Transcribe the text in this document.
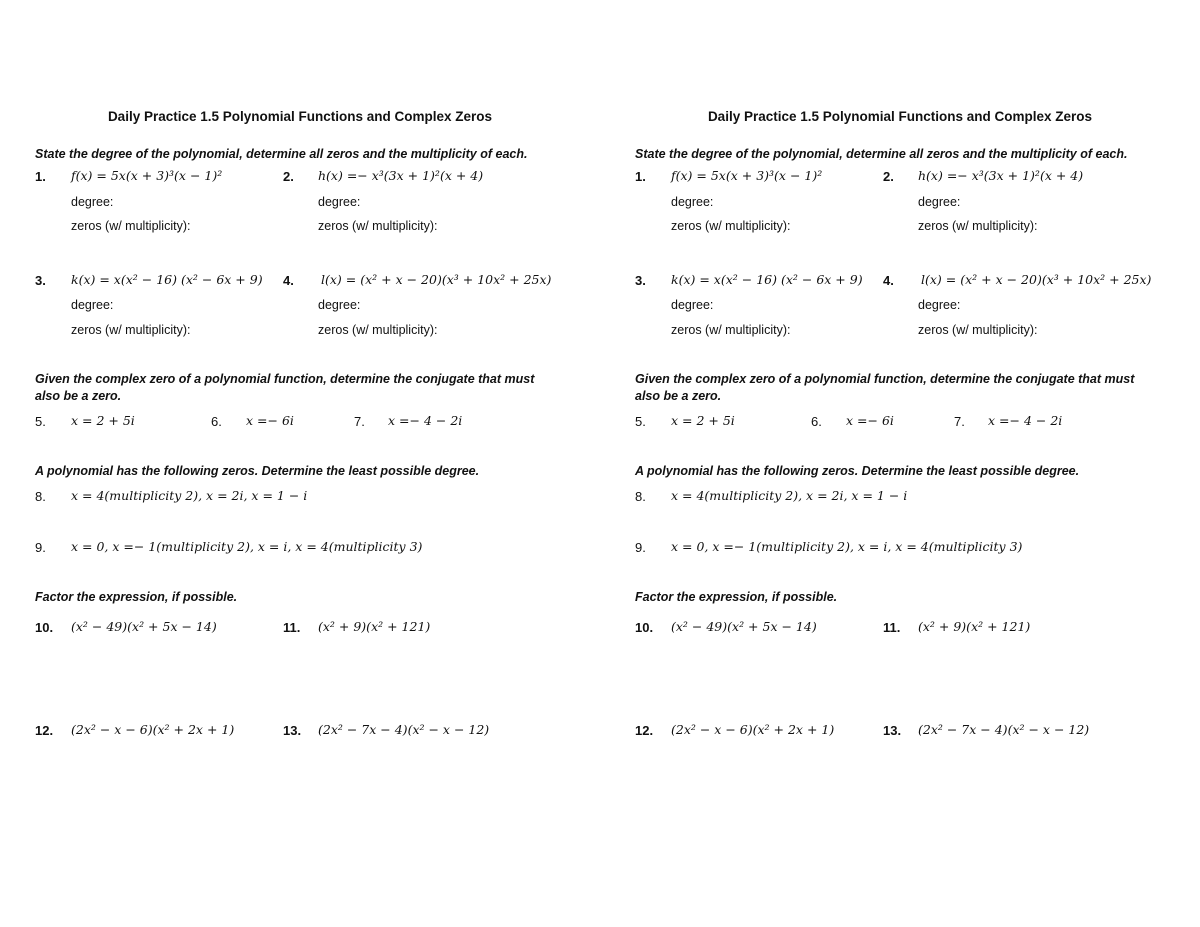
Daily Practice 1.5 Polynomial Functions and Complex Zeros
State the degree of the polynomial, determine all zeros and the multiplicity of each.
1. f(x) = 5x(x + 3)³(x − 1)²
degree:
zeros (w/ multiplicity):
2. h(x) =− x³(3x + 1)²(x + 4)
degree:
zeros (w/ multiplicity):
3. k(x) = x(x² − 16) (x² − 6x + 9)
degree:
zeros (w/ multiplicity):
4. l(x) = (x² + x − 20)(x³ + 10x² + 25x)
degree:
zeros (w/ multiplicity):
Given the complex zero of a polynomial function, determine the conjugate that must also be a zero.
5. x = 2 + 5i	6. x =− 6i	7. x =− 4 − 2i
A polynomial has the following zeros. Determine the least possible degree.
8. x = 4(multiplicity 2), x = 2i, x = 1 − i
9. x = 0, x =− 1(multiplicity 2), x = i, x = 4(multiplicity 3)
Factor the expression, if possible.
10. (x² − 49)(x² + 5x − 14)	11. (x² + 9)(x² + 121)
12. (2x² − x − 6)(x² + 2x + 1)	13. (2x² − 7x − 4)(x² − x − 12)
Daily Practice 1.5 Polynomial Functions and Complex Zeros
State the degree of the polynomial, determine all zeros and the multiplicity of each.
1. f(x) = 5x(x + 3)³(x − 1)²
degree:
zeros (w/ multiplicity):
2. h(x) =− x³(3x + 1)²(x + 4)
degree:
zeros (w/ multiplicity):
3. k(x) = x(x² − 16) (x² − 6x + 9)
degree:
zeros (w/ multiplicity):
4. l(x) = (x² + x − 20)(x³ + 10x² + 25x)
degree:
zeros (w/ multiplicity):
Given the complex zero of a polynomial function, determine the conjugate that must also be a zero.
5. x = 2 + 5i	6. x =− 6i	7. x =− 4 − 2i
A polynomial has the following zeros. Determine the least possible degree.
8. x = 4(multiplicity 2), x = 2i, x = 1 − i
9. x = 0, x =− 1(multiplicity 2), x = i, x = 4(multiplicity 3)
Factor the expression, if possible.
10. (x² − 49)(x² + 5x − 14)	11. (x² + 9)(x² + 121)
12. (2x² − x − 6)(x² + 2x + 1)	13. (2x² − 7x − 4)(x² − x − 12)
